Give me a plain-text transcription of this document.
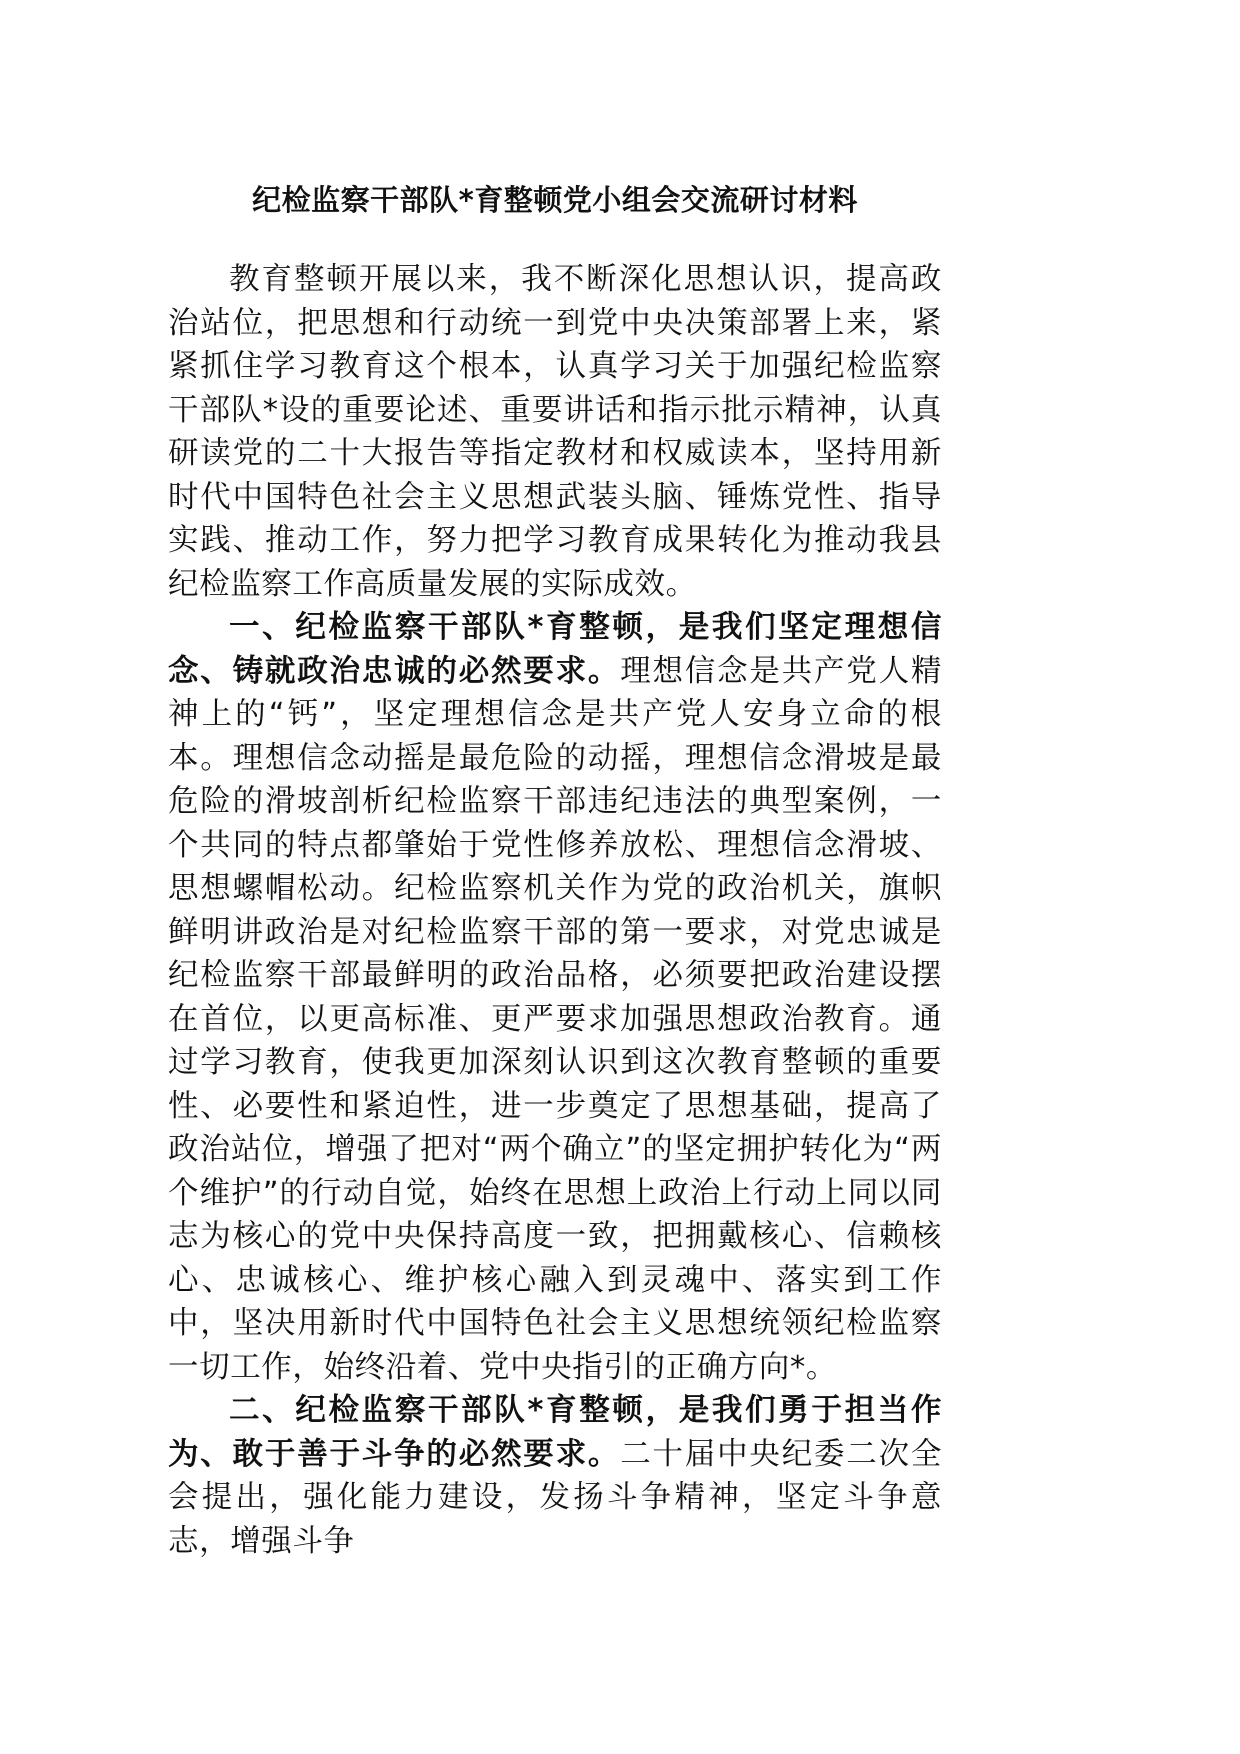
纪检监察干部队*育整顿党小组会交流研讨材料

教育整顿开展以来，我不断深化思想认识，提高政治站位，把思想和行动统一到党中央决策部署上来，紧紧抓住学习教育这个根本，认真学习关于加强纪检监察干部队*设的重要论述、重要讲话和指示批示精神，认真研读党的二十大报告等指定教材和权威读本，坚持用新时代中国特色社会主义思想武装头脑、锤炼党性、指导实践、推动工作，努力把学习教育成果转化为推动我县纪检监察工作高质量发展的实际成效。

一、纪检监察干部队*育整顿，是我们坚定理想信念、铸就政治忠诚的必然要求。理想信念是共产党人精神上的“钙”，坚定理想信念是共产党人安身立命的根本。理想信念动摇是最危险的动摇，理想信念滑坡是最危险的滑坡剖析纪检监察干部违纪违法的典型案例，一个共同的特点都肇始于党性修养放松、理想信念滑坡、思想螺帽松动。纪检监察机关作为党的政治机关，旗帜鲜明讲政治是对纪检监察干部的第一要求，对党忠诚是纪检监察干部最鲜明的政治品格，必须要把政治建设摆在首位，以更高标准、更严要求加强思想政治教育。通过学习教育，使我更加深刻认识到这次教育整顿的重要性、必要性和紧迫性，进一步奠定了思想基础，提高了政治站位，增强了把对“两个确立”的坚定拥护转化为“两个维护”的行动自觉，始终在思想上政治上行动上同以同志为核心的党中央保持高度一致，把拥戴核心、信赖核心、忠诚核心、维护核心融入到灵魂中、落实到工作中，坚决用新时代中国特色社会主义思想统领纪检监察一切工作，始终沿着、党中央指引的正确方向*。

二、纪检监察干部队*育整顿，是我们勇于担当作为、敢于善于斗争的必然要求。二十届中央纪委二次全会提出，强化能力建设，发扬斗争精神，坚定斗争意志，增强斗争
